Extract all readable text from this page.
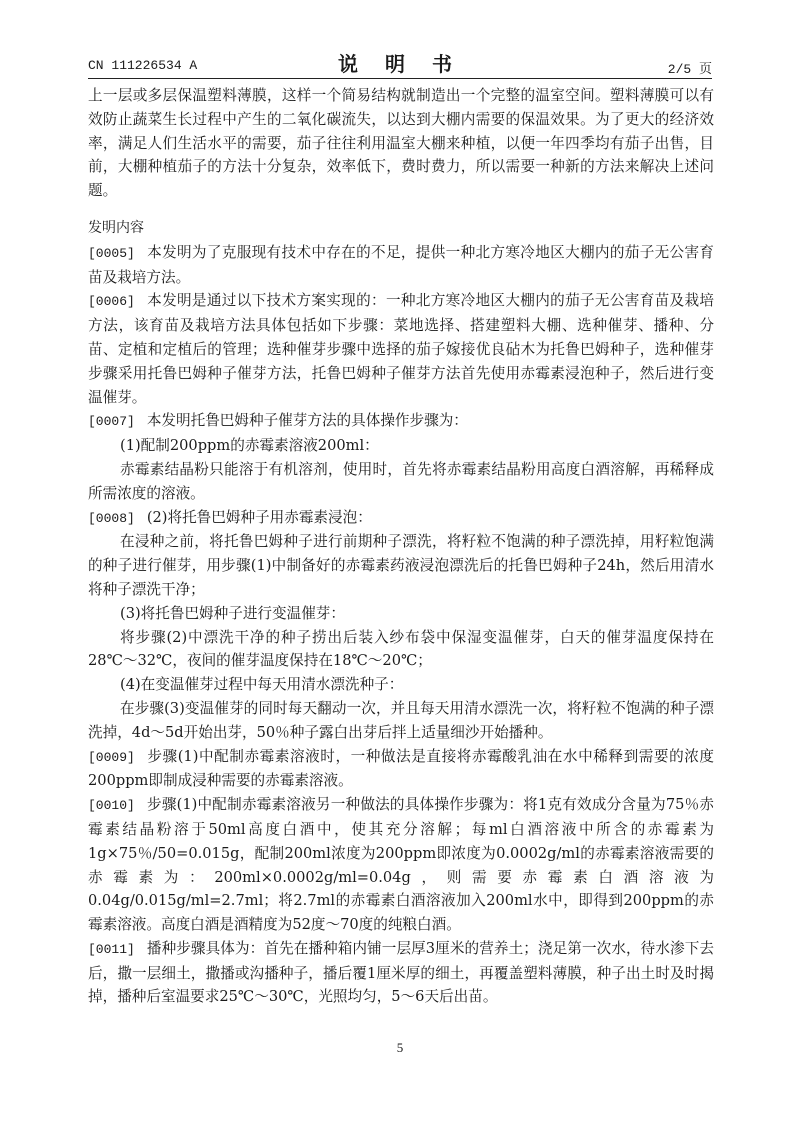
CN 111226534 A	说 明 书	2/5 页

上一层或多层保温塑料薄膜，这样一个简易结构就制造出一个完整的温室空间。塑料薄膜可以有效防止蔬菜生长过程中产生的二氧化碳流失，以达到大棚内需要的保温效果。为了更大的经济效率，满足人们生活水平的需要，茄子往往利用温室大棚来种植，以便一年四季均有茄子出售，目前，大棚种植茄子的方法十分复杂，效率低下，费时费力，所以需要一种新的方法来解决上述问题。

发明内容

[0005] 本发明为了克服现有技术中存在的不足，提供一种北方寒冷地区大棚内的茄子无公害育苗及栽培方法。

[0006] 本发明是通过以下技术方案实现的：一种北方寒冷地区大棚内的茄子无公害育苗及栽培方法，该育苗及栽培方法具体包括如下步骤：菜地选择、搭建塑料大棚、选种催芽、播种、分苗、定植和定植后的管理；选种催芽步骤中选择的茄子嫁接优良砧木为托鲁巴姆种子，选种催芽步骤采用托鲁巴姆种子催芽方法，托鲁巴姆种子催芽方法首先使用赤霉素浸泡种子，然后进行变温催芽。

[0007] 本发明托鲁巴姆种子催芽方法的具体操作步骤为：

(1)配制200ppm的赤霉素溶液200ml：

赤霉素结晶粉只能溶于有机溶剂，使用时，首先将赤霉素结晶粉用高度白酒溶解，再稀释成所需浓度的溶液。

[0008] (2)将托鲁巴姆种子用赤霉素浸泡：

在浸种之前，将托鲁巴姆种子进行前期种子漂洗，将籽粒不饱满的种子漂洗掉，用籽粒饱满的种子进行催芽，用步骤(1)中制备好的赤霉素药液浸泡漂洗后的托鲁巴姆种子24h，然后用清水将种子漂洗干净；

(3)将托鲁巴姆种子进行变温催芽：

将步骤(2)中漂洗干净的种子捞出后装入纱布袋中保湿变温催芽，白天的催芽温度保持在28℃～32℃，夜间的催芽温度保持在18℃～20℃；

(4)在变温催芽过程中每天用清水漂洗种子：

在步骤(3)变温催芽的同时每天翻动一次，并且每天用清水漂洗一次，将籽粒不饱满的种子漂洗掉，4d～5d开始出芽，50％种子露白出芽后拌上适量细沙开始播种。

[0009] 步骤(1)中配制赤霉素溶液时，一种做法是直接将赤霉酸乳油在水中稀释到需要的浓度200ppm即制成浸种需要的赤霉素溶液。

[0010] 步骤(1)中配制赤霉素溶液另一种做法的具体操作步骤为：将1克有效成分含量为75％赤霉素结晶粉溶于50ml高度白酒中，使其充分溶解；每ml白酒溶液中所含的赤霉素为1g×75％/50=0.015g，配制200ml浓度为200ppm即浓度为0.0002g/ml的赤霉素溶液需要的赤霉素为：200ml×0.0002g/ml=0.04g，则需要赤霉素白酒溶液为0.04g/0.015g/ml=2.7ml；将2.7ml的赤霉素白酒溶液加入200ml水中，即得到200ppm的赤霉素溶液。高度白酒是酒精度为52度～70度的纯粮白酒。

[0011] 播种步骤具体为：首先在播种箱内铺一层厚3厘米的营养土；浇足第一次水，待水渗下去后，撒一层细土，撒播或沟播种子，播后覆1厘米厚的细土，再覆盖塑料薄膜，种子出土时及时揭掉，播种后室温要求25℃～30℃，光照均匀，5～6天后出苗。

5
